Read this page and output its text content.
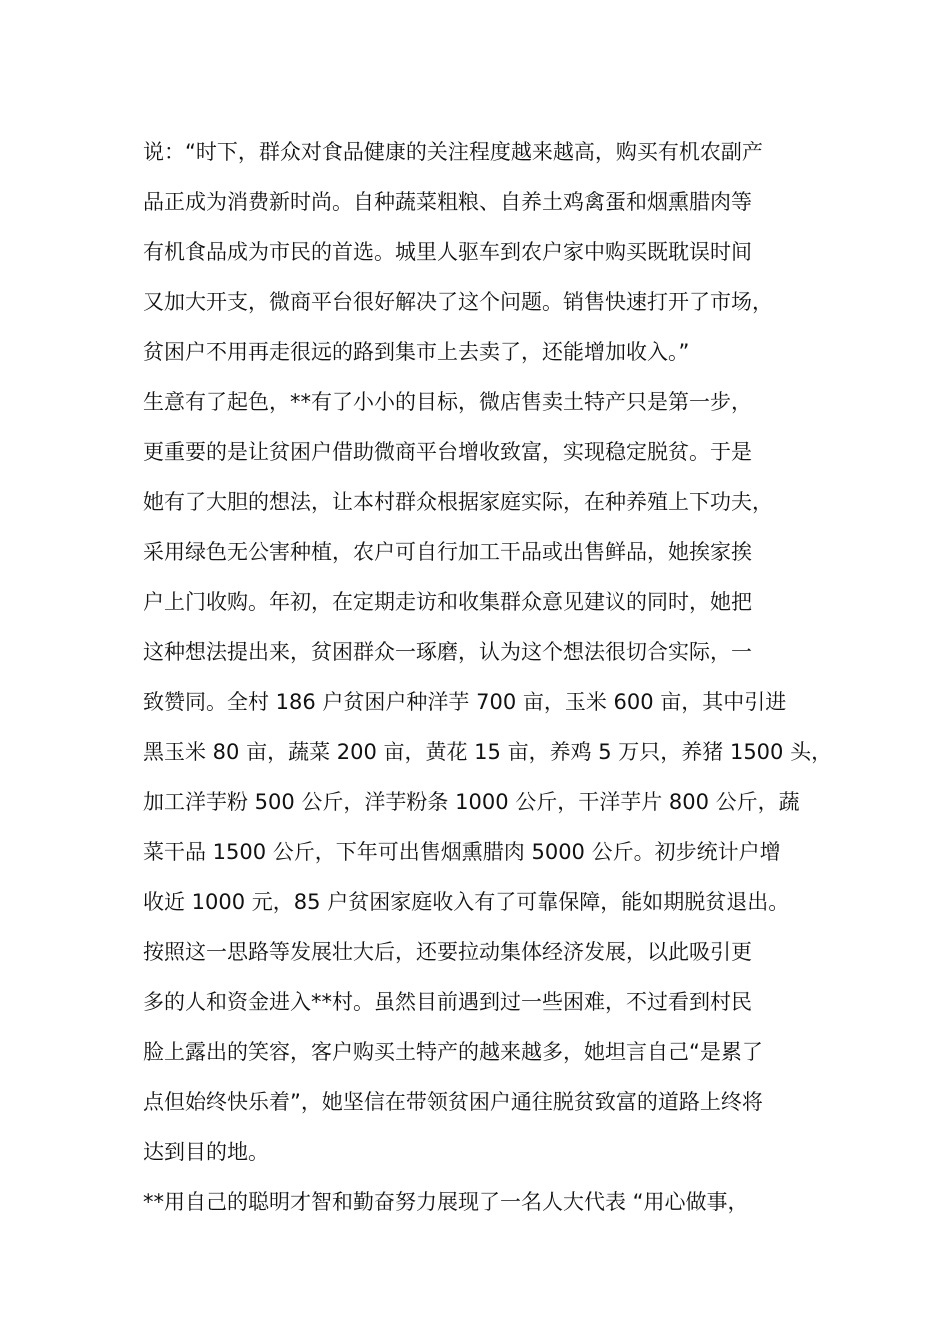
说：“时下，群众对食品健康的关注程度越来越高，购买有机农副产
品正成为消费新时尚。自种蔬菜粗粮、自养土鸡禽蛋和烟熏腊肉等
有机食品成为市民的首选。城里人驱车到农户家中购买既耽误时间
又加大开支，微商平台很好解决了这个问题。销售快速打开了市场，
贫困户不用再走很远的路到集市上去卖了，还能增加收入。”
生意有了起色，**有了小小的目标，微店售卖土特产只是第一步，
更重要的是让贫困户借助微商平台增收致富，实现稳定脱贫。于是
她有了大胆的想法，让本村群众根据家庭实际，在种养殖上下功夫，
采用绿色无公害种植，农户可自行加工干品或出售鲜品，她挨家挨
户上门收购。年初，在定期走访和收集群众意见建议的同时，她把
这种想法提出来，贫困群众一琢磨，认为这个想法很切合实际，一
致赞同。全村 186 户贫困户种洋芋 700 亩，玉米 600 亩，其中引进
黑玉米 80 亩，蔬菜 200 亩，黄花 15 亩，养鸡 5 万只，养猪 1500 头，
加工洋芋粉 500 公斤，洋芋粉条 1000 公斤，干洋芋片 800 公斤，蔬
菜干品 1500 公斤，下年可出售烟熏腊肉 5000 公斤。初步统计户增
收近 1000 元，85 户贫困家庭收入有了可靠保障，能如期脱贫退出。
按照这一思路等发展壮大后，还要拉动集体经济发展，以此吸引更
多的人和资金进入**村。虽然目前遇到过一些困难，不过看到村民
脸上露出的笑容，客户购买土特产的越来越多，她坦言自己“是累了
点但始终快乐着”，她坚信在带领贫困户通往脱贫致富的道路上终将
达到目的地。
**用自己的聪明才智和勤奋努力展现了一名人大代表 “用心做事，
